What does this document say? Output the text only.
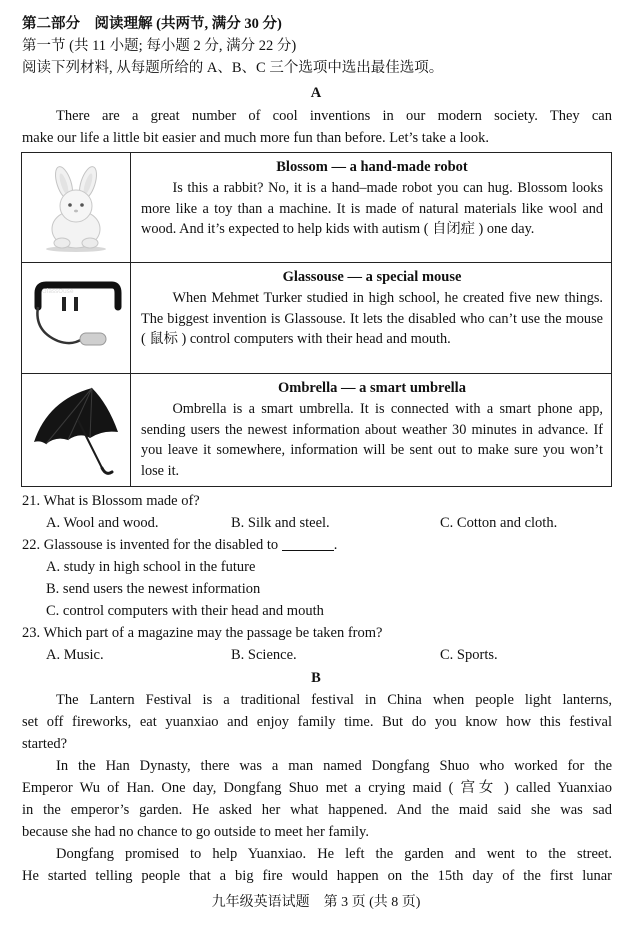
第二部分　阅读理解 (共两节, 满分 30 分)
第一节 (共 11 小题; 每小题 2 分, 满分 22 分)
阅读下列材料, 从每题所给的 A、B、C 三个选项中选出最佳选项。
A
There are a great number of cool inventions in our modern society. They can
make our life a little bit easier and much more fun than before. Let’s take a look.

Blossom — a hand-made robot
Is this a rabbit? No, it is a hand–made robot you can hug. Blossom looks more like a toy than a machine. It is made of natural materials like wool and wood. And it’s expected to help kids with autism ( 自闭症 ) one day.

GlassOuse	Glassouse — a special mouse
When Mehmet Turker studied in high school, he created five new things. The biggest invention is Glassouse. It lets the disabled who can’t use the mouse ( 鼠标 ) control computers with their head and mouth.

Ombrella — a smart umbrella
Ombrella is a smart umbrella. It is connected with a smart phone app, sending users the newest information about weather 30 minutes in advance. If you leave it somewhere, information will be sent out to make sure you won’t lose it.
21. What is Blossom made of?
A. Wool and wood.	B. Silk and steel.	C. Cotton and cloth.
22. Glassouse is invented for the disabled to	.
A. study in high school in the future
B. send users the newest information
C. control computers with their head and mouth
23. Which part of a magazine may the passage be taken from?
A. Music.	B. Science.	C. Sports.
B
The Lantern Festival is a traditional festival in China when people light lanterns,
set off fireworks, eat yuanxiao and enjoy family time. But do you know how this festival
started?
In the Han Dynasty, there was a man named Dongfang Shuo who worked for the
Emperor Wu of Han. One day, Dongfang Shuo met a crying maid ( 宫女 ) called Yuanxiao
in the emperor’s garden. He asked her what happened. And the maid said she was sad
because she had no chance to go outside to meet her family.
Dongfang promised to help Yuanxiao. He left the garden and went to the street.
He started telling people that a big fire would happen on the 15th day of the first lunar
九年级英语试题　第 3 页 (共 8 页)
